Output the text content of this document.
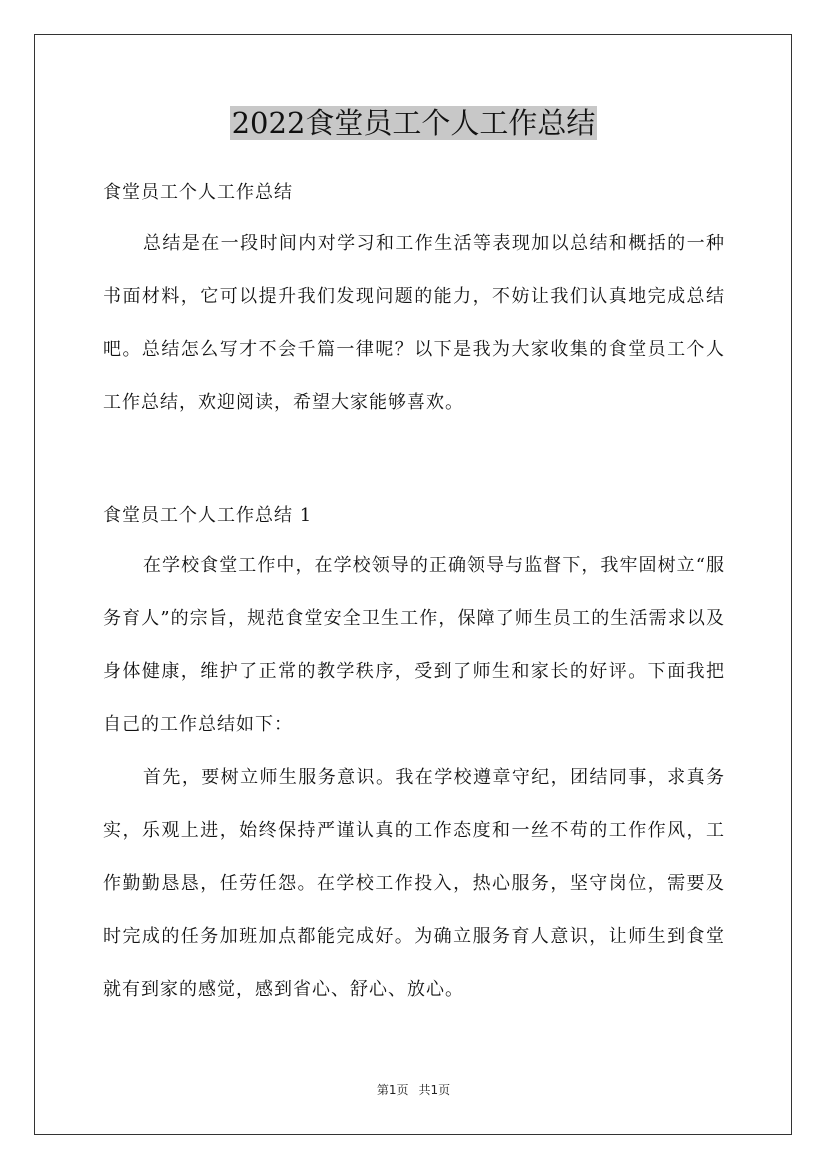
2022食堂员工个人工作总结

食堂员工个人工作总结

总结是在一段时间内对学习和工作生活等表现加以总结和概括的一种书面材料，它可以提升我们发现问题的能力，不妨让我们认真地完成总结吧。总结怎么写才不会千篇一律呢？以下是我为大家收集的食堂员工个人工作总结，欢迎阅读，希望大家能够喜欢。

食堂员工个人工作总结 1

在学校食堂工作中，在学校领导的正确领导与监督下，我牢固树立“服务育人”的宗旨，规范食堂安全卫生工作，保障了师生员工的生活需求以及身体健康，维护了正常的教学秩序，受到了师生和家长的好评。下面我把自己的工作总结如下：

首先，要树立师生服务意识。我在学校遵章守纪，团结同事，求真务实，乐观上进，始终保持严谨认真的工作态度和一丝不苟的工作作风，工作勤勤恳恳，任劳任怨。在学校工作投入，热心服务，坚守岗位，需要及时完成的任务加班加点都能完成好。为确立服务育人意识，让师生到食堂就有到家的感觉，感到省心、舒心、放心。

第1页 共1页
